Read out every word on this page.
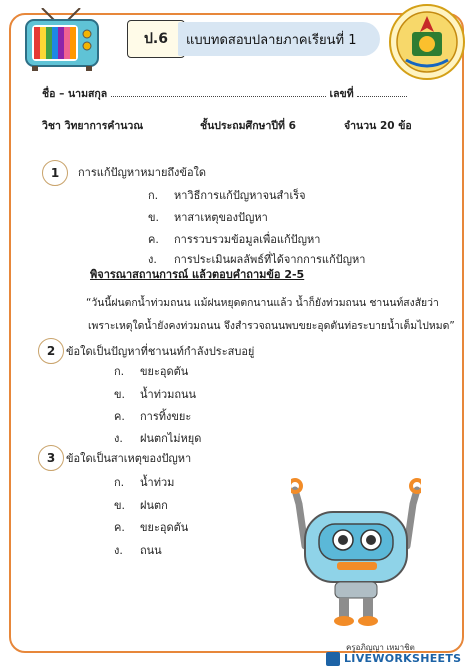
ป.6	แบบทดสอบปลายภาคเรียนที่ 1
ชื่อ – นามสกุล	เลขที่
วิชา วิทยาการคำนวณ	ชั้นประถมศึกษาปีที่ 6	จำนวน 20 ข้อ
1	การแก้ปัญหาหมายถึงข้อใด
ก. หาวิธีการแก้ปัญหาจนสำเร็จ
ข. หาสาเหตุของปัญหา
ค. การรวบรวมข้อมูลเพื่อแก้ปัญหา
ง. การประเมินผลลัพธ์ที่ได้จากการแก้ปัญหา
พิจารณาสถานการณ์ แล้วตอบคำถามข้อ 2-5
“วันนี้ฝนตกน้ำท่วมถนน แม้ฝนหยุดตกนานแล้ว น้ำก็ยังท่วมถนน ชานนท์สงสัยว่า
เพราะเหตุใดน้ำยังคงท่วมถนน จึงสำรวจถนนพบขยะอุดตันท่อระบายน้ำเต็มไปหมด”
2 ข้อใดเป็นปัญหาที่ชานนท์กำลังประสบอยู่
ก. ขยะอุดตัน
ข. น้ำท่วมถนน
ค. การทิ้งขยะ
ง. ฝนตกไม่หยุด
3 ข้อใดเป็นสาเหตุของปัญหา
ก. น้ำท่วม
ข. ฝนตก
ค. ขยะอุดตัน
ง. ถนน
ครูอภิญญา เหมาชิต
LIVEWORKSHEETS
